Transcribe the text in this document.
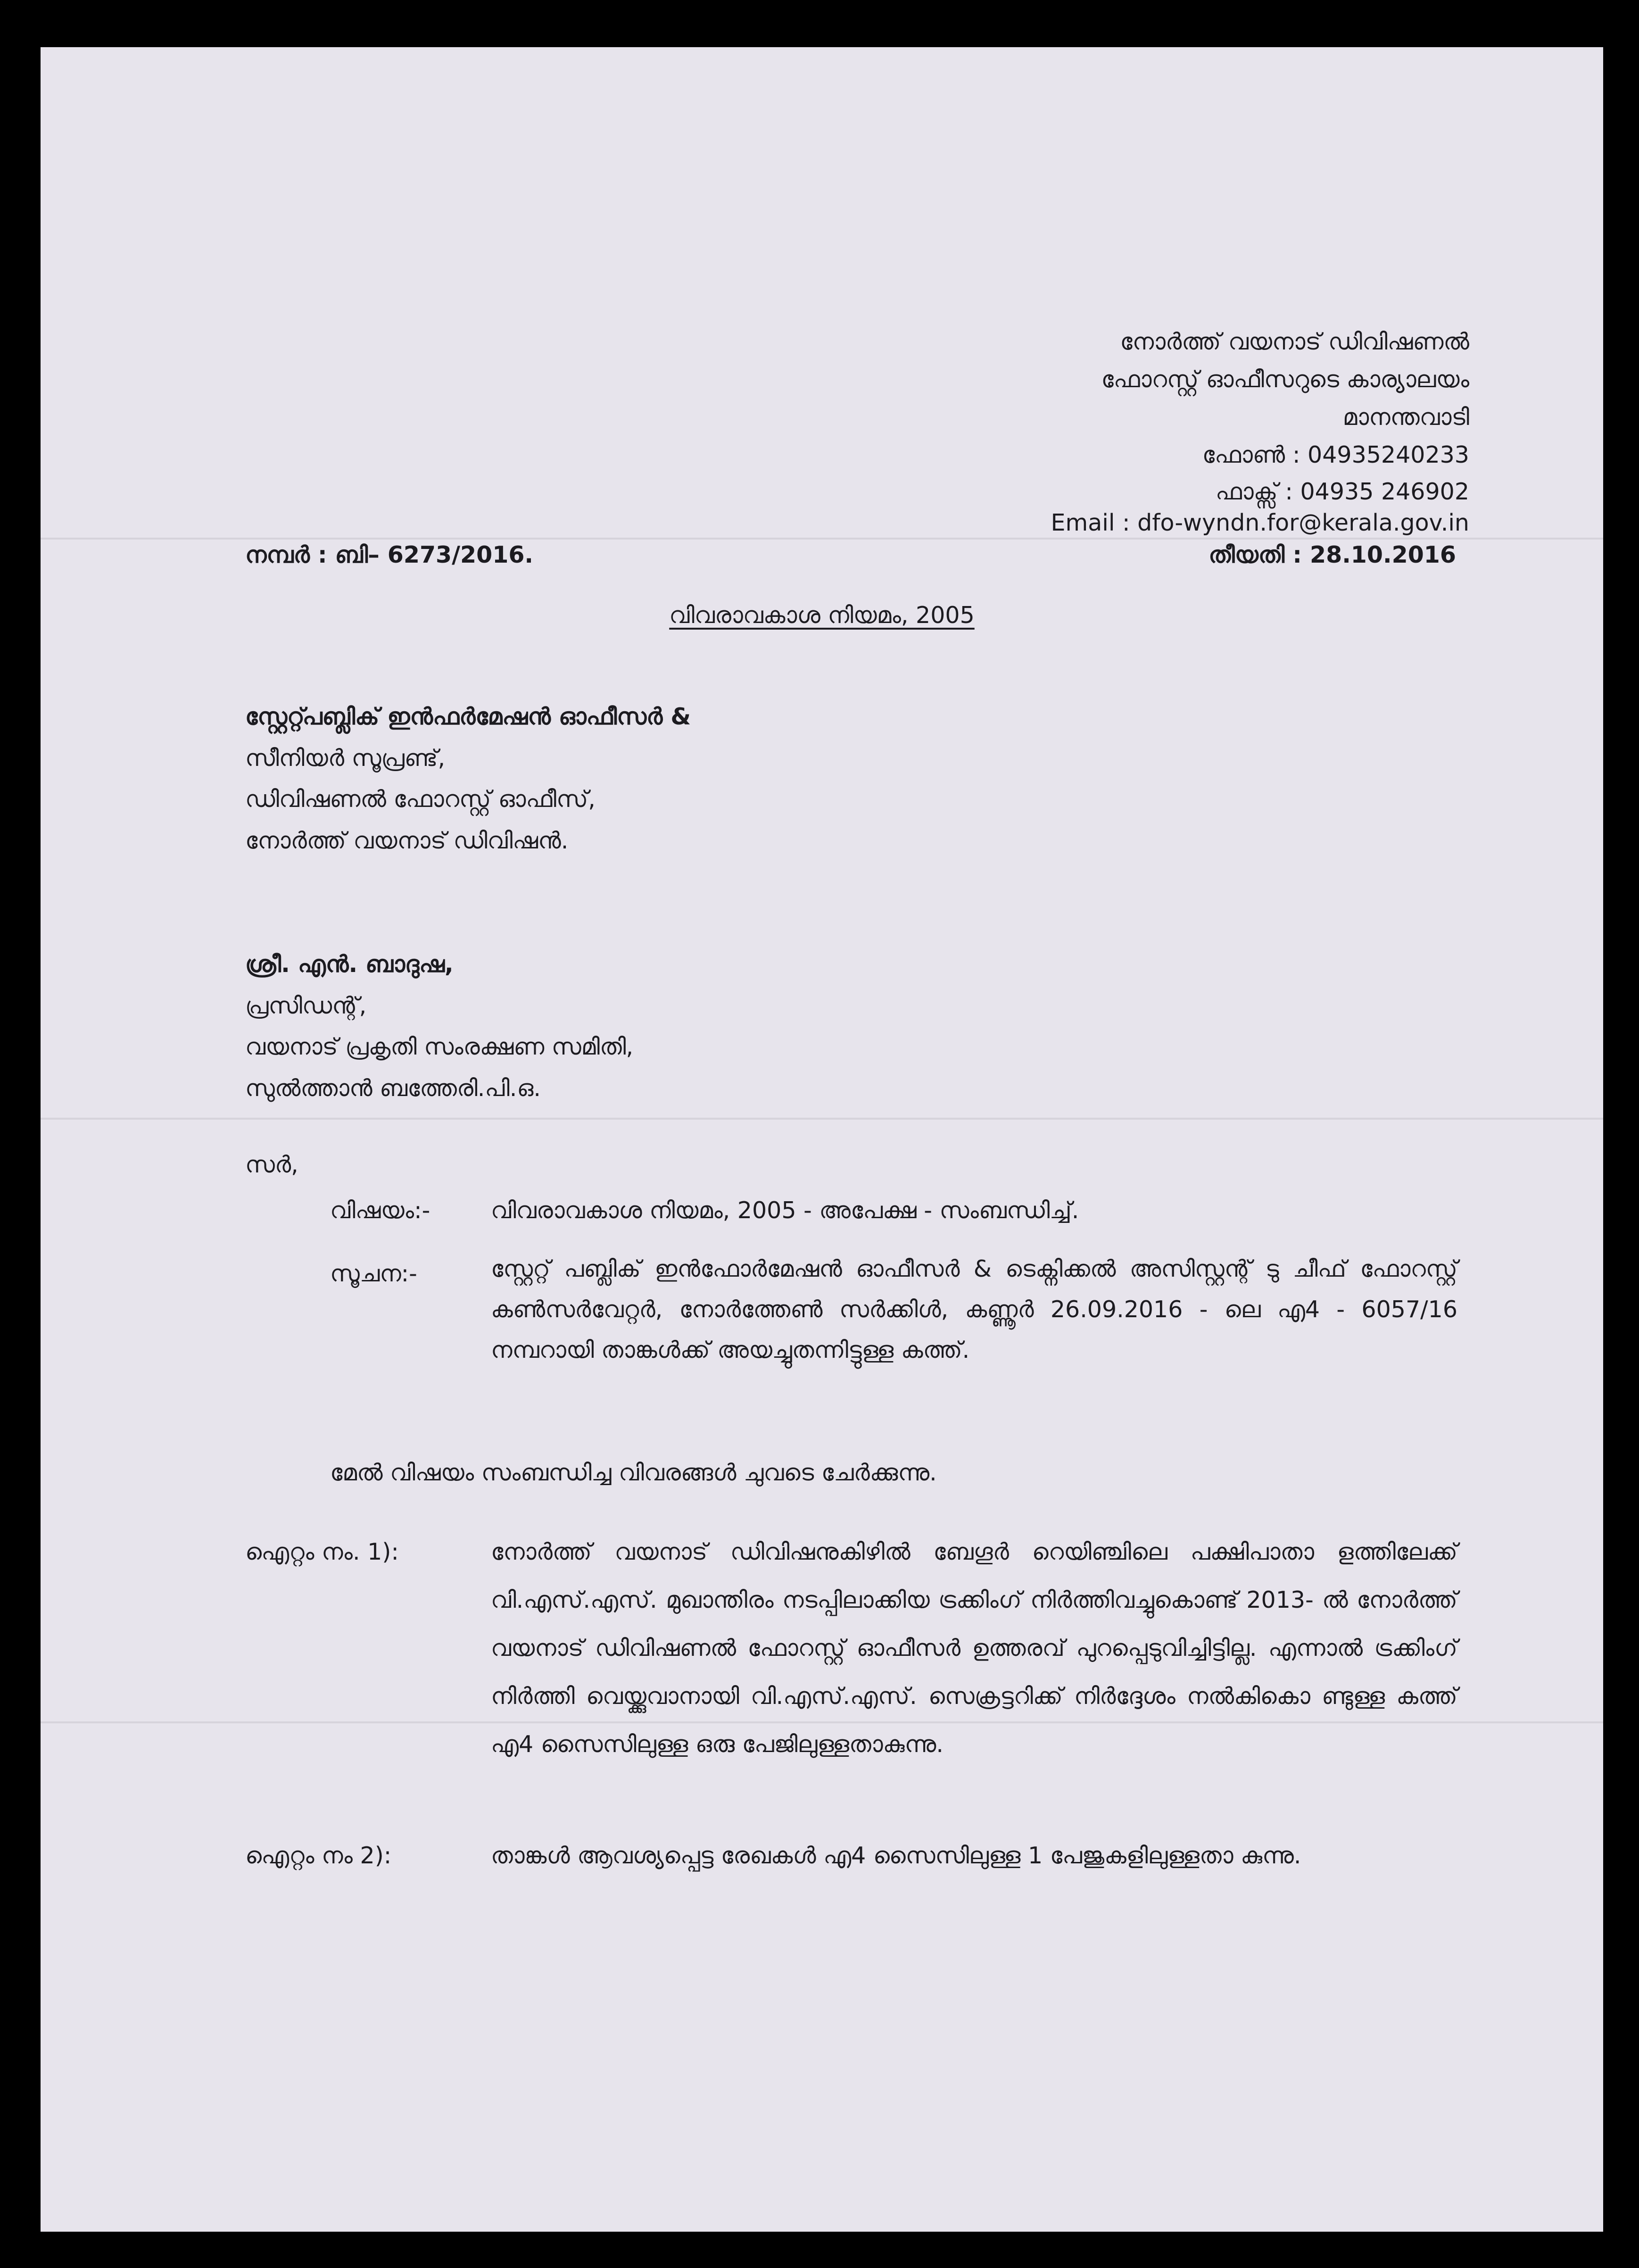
നോർത്ത് വയനാട് ഡിവിഷണൽ
ഫോറസ്റ്റ് ഓഫീസറുടെ കാര്യാലയം
മാനന്തവാടി
ഫോൺ : 04935240233
ഫാക്സ് : 04935 246902
Email : dfo-wyndn.for@kerala.gov.in
നമ്പർ : ബി– 6273/2016.	തീയതി : 28.10.2016
വിവരാവകാശ നിയമം, 2005
സ്റ്റേറ്റ്പബ്ലിക് ഇൻഫർമേഷൻ ഓഫീസർ &
സീനിയർ സൂപ്രണ്ട്,
ഡിവിഷണൽ ഫോറസ്റ്റ് ഓഫീസ്,
നോർത്ത് വയനാട് ഡിവിഷൻ.
ശ്രീ. എൻ. ബാദുഷ,
പ്രസിഡന്റ്,
വയനാട് പ്രകൃതി സംരക്ഷണ സമിതി,
സുൽത്താൻ ബത്തേരി.പി.ഒ.
സർ,
വിഷയം:-	വിവരാവകാശ നിയമം, 2005 - അപേക്ഷ - സംബന്ധിച്ച്.
സൂചന:-	സ്റ്റേറ്റ് പബ്ലിക് ഇൻഫോർമേഷൻ ഓഫീസർ & ടെക്നിക്കൽ അസിസ്റ്റന്റ് ടു ചീഫ് ഫോറസ്റ്റ് കൺസർവേറ്റർ, നോർത്തേൺ സർക്കിൾ, കണ്ണൂർ 26.09.2016 - ലെ എ4 - 6057/16 നമ്പറായി താങ്കൾക്ക് അയച്ചുതന്നിട്ടുള്ള കത്ത്.
മേൽ വിഷയം സംബന്ധിച്ച വിവരങ്ങൾ ചുവടെ ചേർക്കുന്നു.
ഐറ്റം നം. 1):	നോർത്ത് വയനാട് ഡിവിഷനുകിഴിൽ ബേഗൂർ റെയിഞ്ചിലെ പക്ഷിപാതാ ളത്തിലേക്ക് വി.എസ്.എസ്. മുഖാന്തിരം നടപ്പിലാക്കിയ ട്രക്കിംഗ് നിർത്തിവച്ചുകൊണ്ട് 2013- ൽ നോർത്ത് വയനാട് ഡിവിഷണൽ ഫോറസ്റ്റ് ഓഫീസർ ഉത്തരവ് പുറപ്പെടുവിച്ചിട്ടില്ല. എന്നാൽ ട്രക്കിംഗ് നിർത്തി വെയ്ക്കുവാനായി വി.എസ്.എസ്. സെക്രട്ടറിക്ക് നിർദ്ദേശം നൽകികൊ ണ്ടുള്ള കത്ത് എ4 സൈസിലുള്ള ഒരു പേജിലുള്ളതാകുന്നു.
ഐറ്റം നം 2):	താങ്കൾ ആവശ്യപ്പെട്ട രേഖകൾ എ4 സൈസിലുള്ള 1 പേജുകളിലുള്ളതാ കുന്നു.
